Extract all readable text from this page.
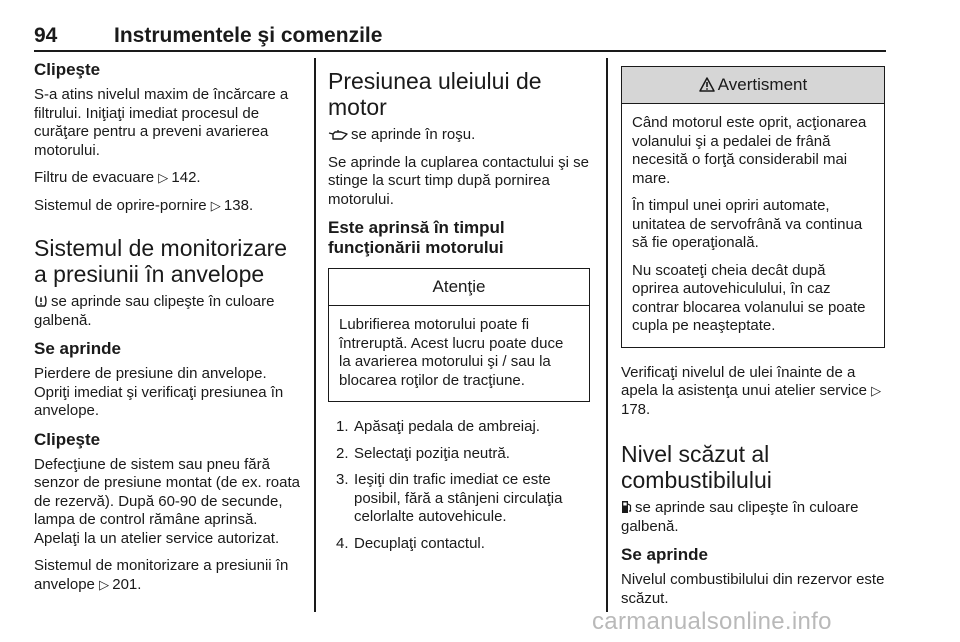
94	Instrumentele şi comenzile
Clipeşte

S-a atins nivelul maxim de încărcare a filtrului. Iniţiaţi imediat procesul de curăţare pentru a preveni avarierea motorului.

Filtru de evacuare ▷ 142.

Sistemul de oprire-pornire ▷ 138.

Sistemul de monitorizare a presiunii în anvelope

se aprinde sau clipeşte în culoare galbenă.

Se aprinde

Pierdere de presiune din anvelope. Opriţi imediat şi verificaţi presiunea în anvelope.

Clipeşte

Defecţiune de sistem sau pneu fără senzor de presiune montat (de ex. roata de rezervă). După 60-90 de secunde, lampa de control rămâne aprinsă. Apelaţi la un atelier service autorizat.

Sistemul de monitorizare a presiunii în anvelope ▷ 201.

Presiunea uleiului de motor

se aprinde în roşu.

Se aprinde la cuplarea contactului şi se stinge la scurt timp după pornirea motorului.

Este aprinsă în timpul funcţionării motorului
Atenţie

Lubrifierea motorului poate fi întreruptă. Acest lucru poate duce la avarierea motorului şi / sau la blocarea roţilor de tracţiune.

1. Apăsaţi pedala de ambreiaj.
2. Selectaţi poziţia neutră.
3. Ieşiţi din trafic imediat ce este posibil, fără a stânjeni circulaţia celorlalte autovehicule.
4. Decuplaţi contactul.
Avertisment

Când motorul este oprit, acţionarea volanului şi a pedalei de frână necesită o forţă considerabil mai mare.

În timpul unei opriri automate, unitatea de servofrână va continua să fie operaţională.

Nu scoateţi cheia decât după oprirea autovehiculului, în caz contrar blocarea volanului se poate cupla pe neaşteptate.

Verificaţi nivelul de ulei înainte de a apela la asistenţa unui atelier service ▷ 178.

Nivel scăzut al combustibilului

se aprinde sau clipeşte în culoare galbenă.

Se aprinde

Nivelul combustibilului din rezervor este scăzut.

carmanualsonline.info
